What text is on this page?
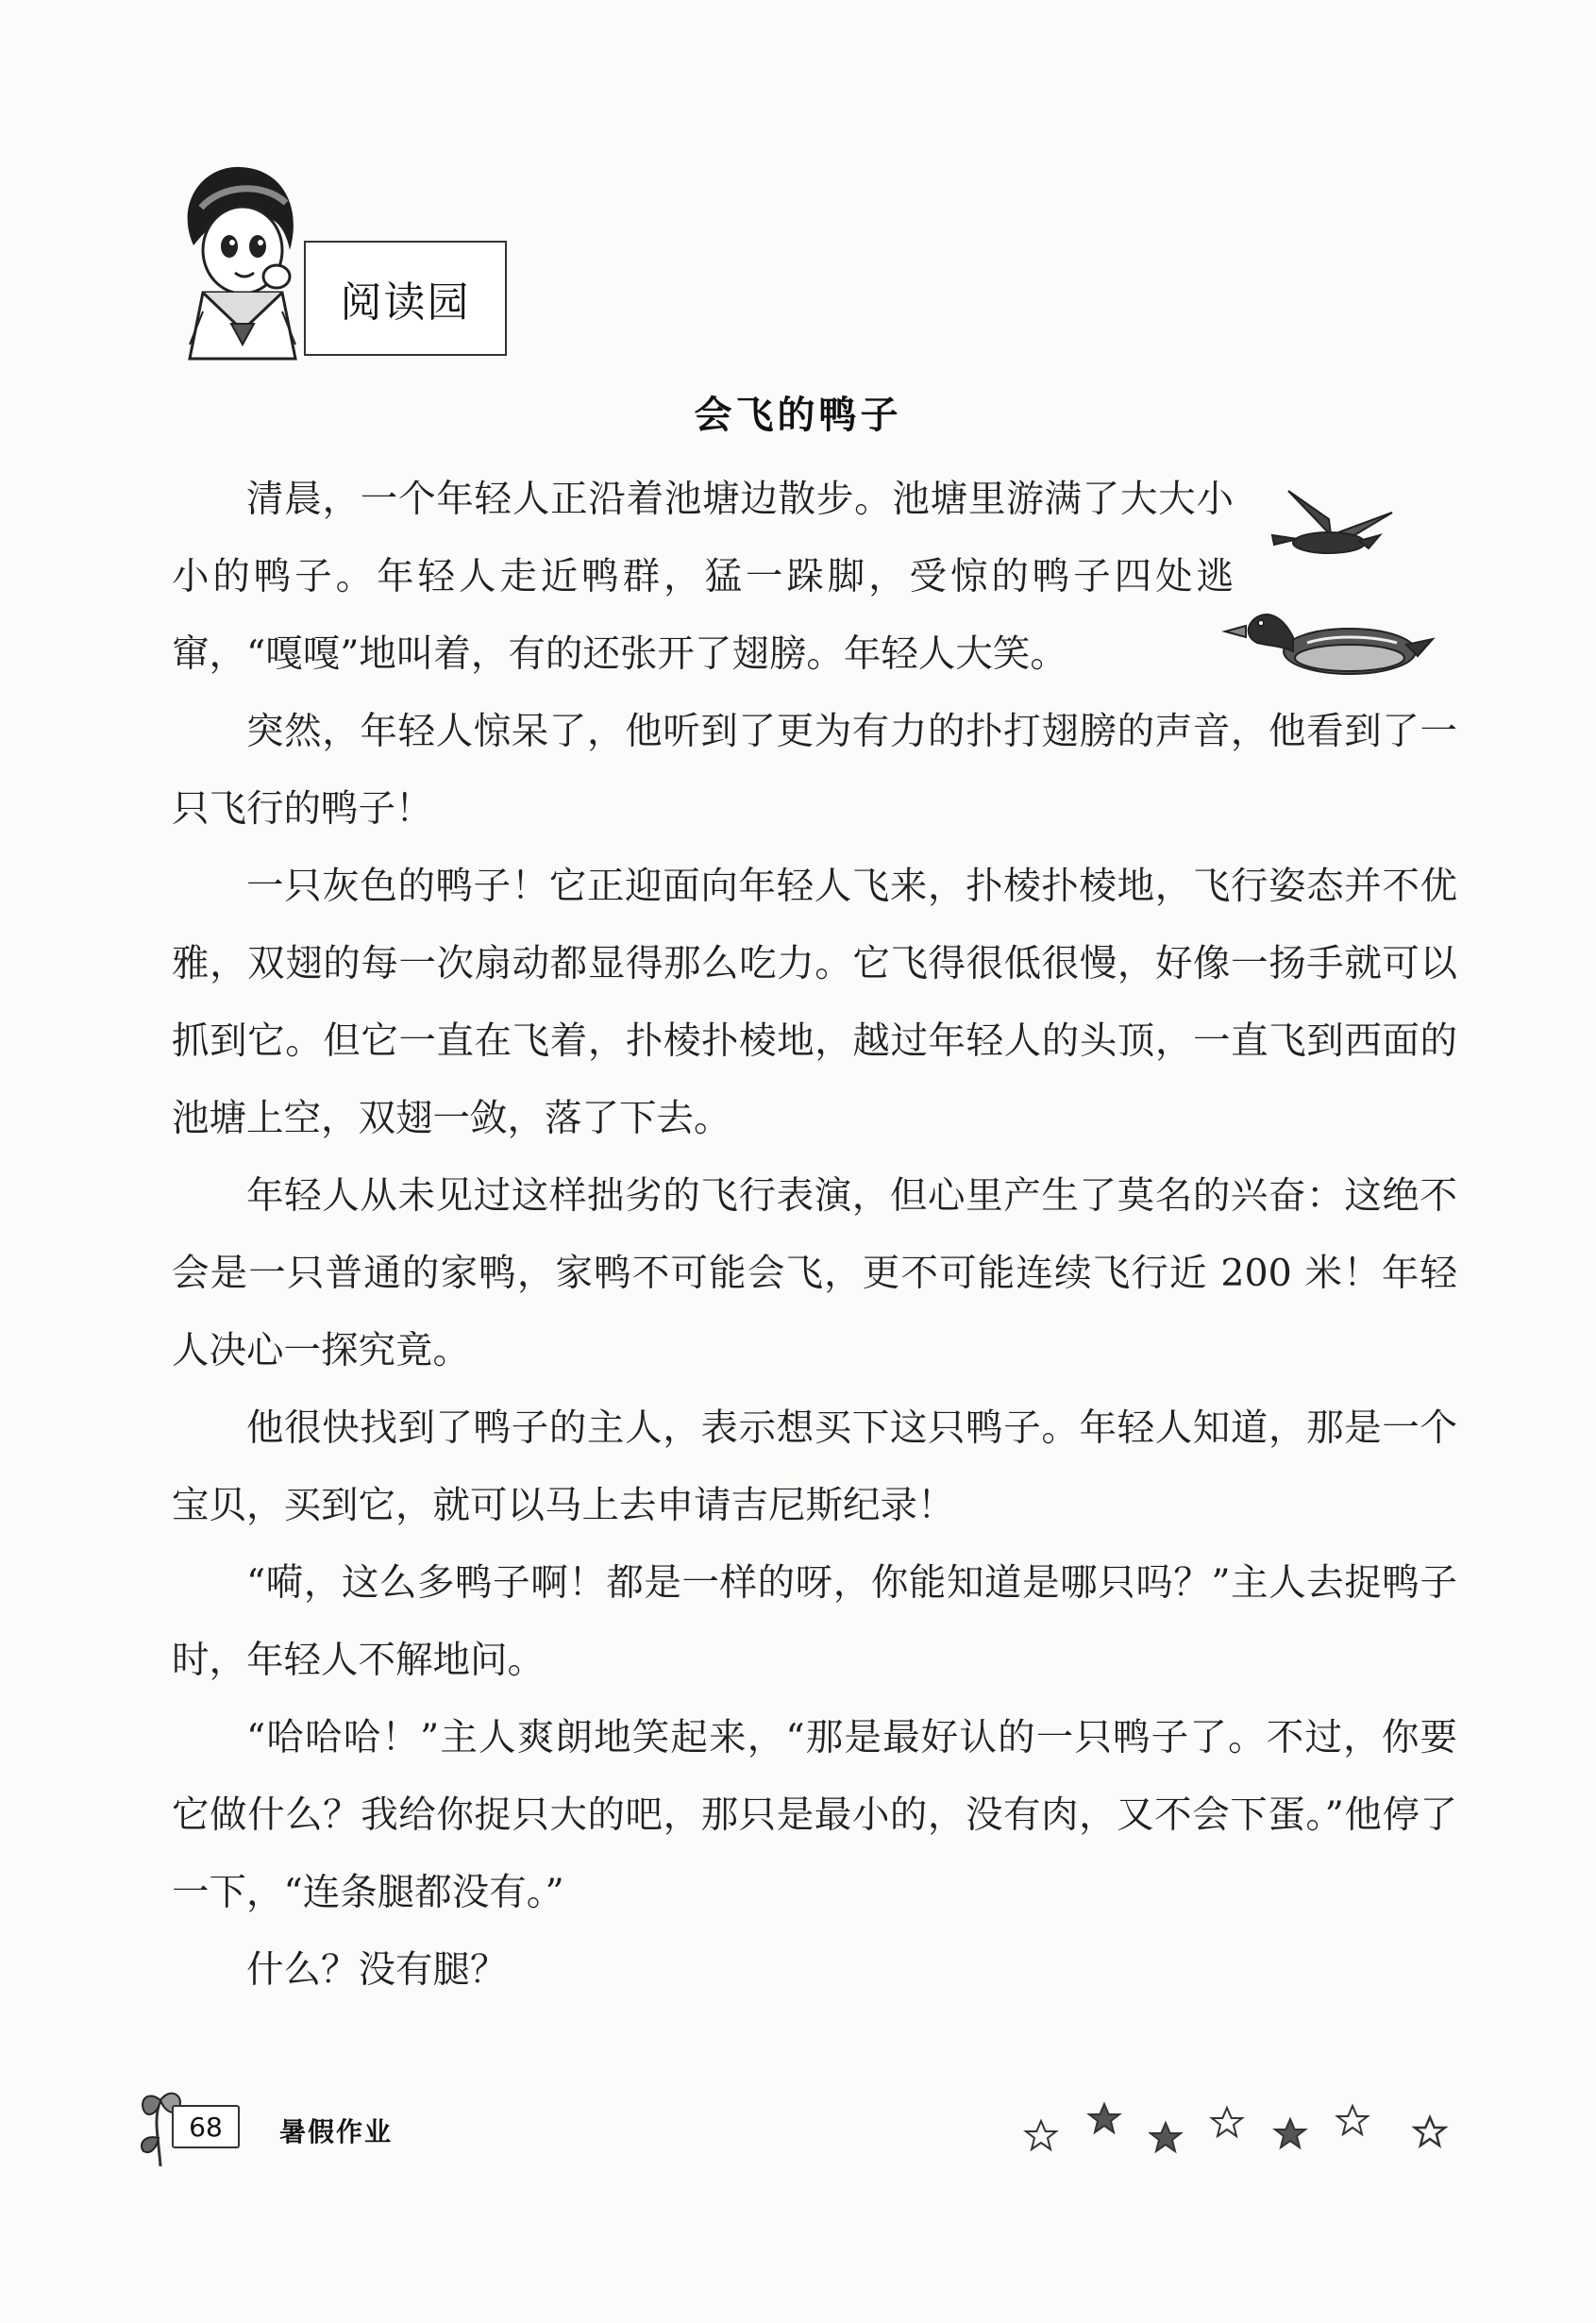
阅读园
会飞的鸭子

清晨，一个年轻人正沿着池塘边散步。池塘里游满了大大小小的鸭子。年轻人走近鸭群，猛一跺脚，受惊的鸭子四处逃窜，“嘎嘎”地叫着，有的还张开了翅膀。年轻人大笑。

突然，年轻人惊呆了，他听到了更为有力的扑打翅膀的声音，他看到了一只飞行的鸭子！

一只灰色的鸭子！它正迎面向年轻人飞来，扑棱扑棱地，飞行姿态并不优雅，双翅的每一次扇动都显得那么吃力。它飞得很低很慢，好像一扬手就可以抓到它。但它一直在飞着，扑棱扑棱地，越过年轻人的头顶，一直飞到西面的池塘上空，双翅一敛，落了下去。

年轻人从未见过这样拙劣的飞行表演，但心里产生了莫名的兴奋：这绝不会是一只普通的家鸭，家鸭不可能会飞，更不可能连续飞行近 200 米！年轻人决心一探究竟。

他很快找到了鸭子的主人，表示想买下这只鸭子。年轻人知道，那是一个宝贝，买到它，就可以马上去申请吉尼斯纪录！

“嗬，这么多鸭子啊！都是一样的呀，你能知道是哪只吗？”主人去捉鸭子时，年轻人不解地问。

“哈哈哈！”主人爽朗地笑起来，“那是最好认的一只鸭子了。不过，你要它做什么？我给你捉只大的吧，那只是最小的，没有肉，又不会下蛋。”他停了一下，“连条腿都没有。”

什么？没有腿？

68	暑假作业
